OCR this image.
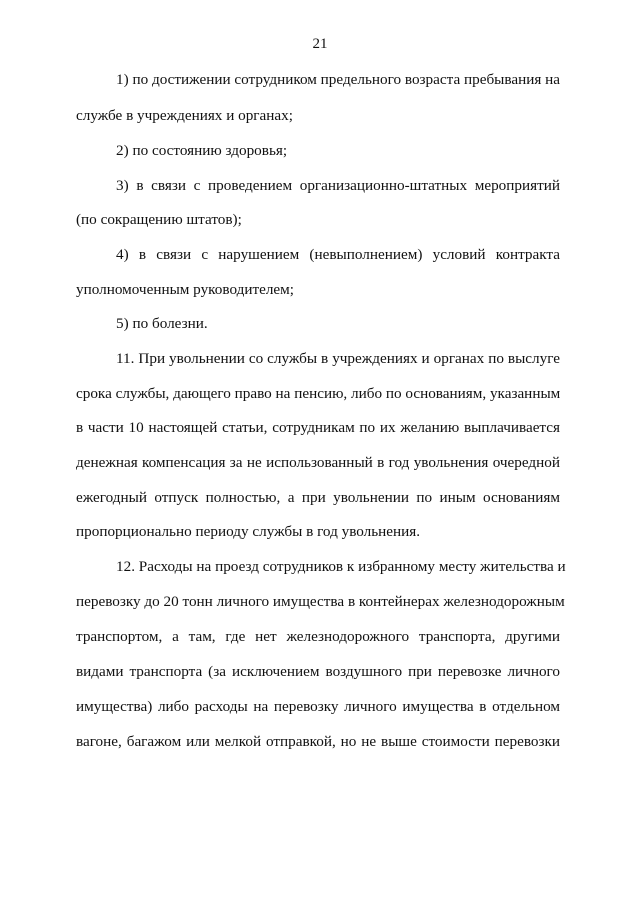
21
1) по достижении сотрудником предельного возраста пребывания на
службе в учреждениях и органах;
2) по состоянию здоровья;
3) в связи с проведением организационно-штатных мероприятий
(по сокращению штатов);
4) в связи с нарушением (невыполнением) условий контракта
уполномоченным руководителем;
5) по болезни.
11. При увольнении со службы в учреждениях и органах по выслуге
срока службы, дающего право на пенсию, либо по основаниям, указанным
в части 10 настоящей статьи, сотрудникам по их желанию выплачивается
денежная компенсация за не использованный в год увольнения очередной
ежегодный отпуск полностью, а при увольнении по иным основаниям
пропорционально периоду службы в год увольнения.
12. Расходы на проезд сотрудников к избранному месту жительства и
перевозку до 20 тонн личного имущества в контейнерах железнодорожным
транспортом, а там, где нет железнодорожного транспорта, другими
видами транспорта (за исключением воздушного при перевозке личного
имущества) либо расходы на перевозку личного имущества в отдельном
вагоне, багажом или мелкой отправкой, но не выше стоимости перевозки
